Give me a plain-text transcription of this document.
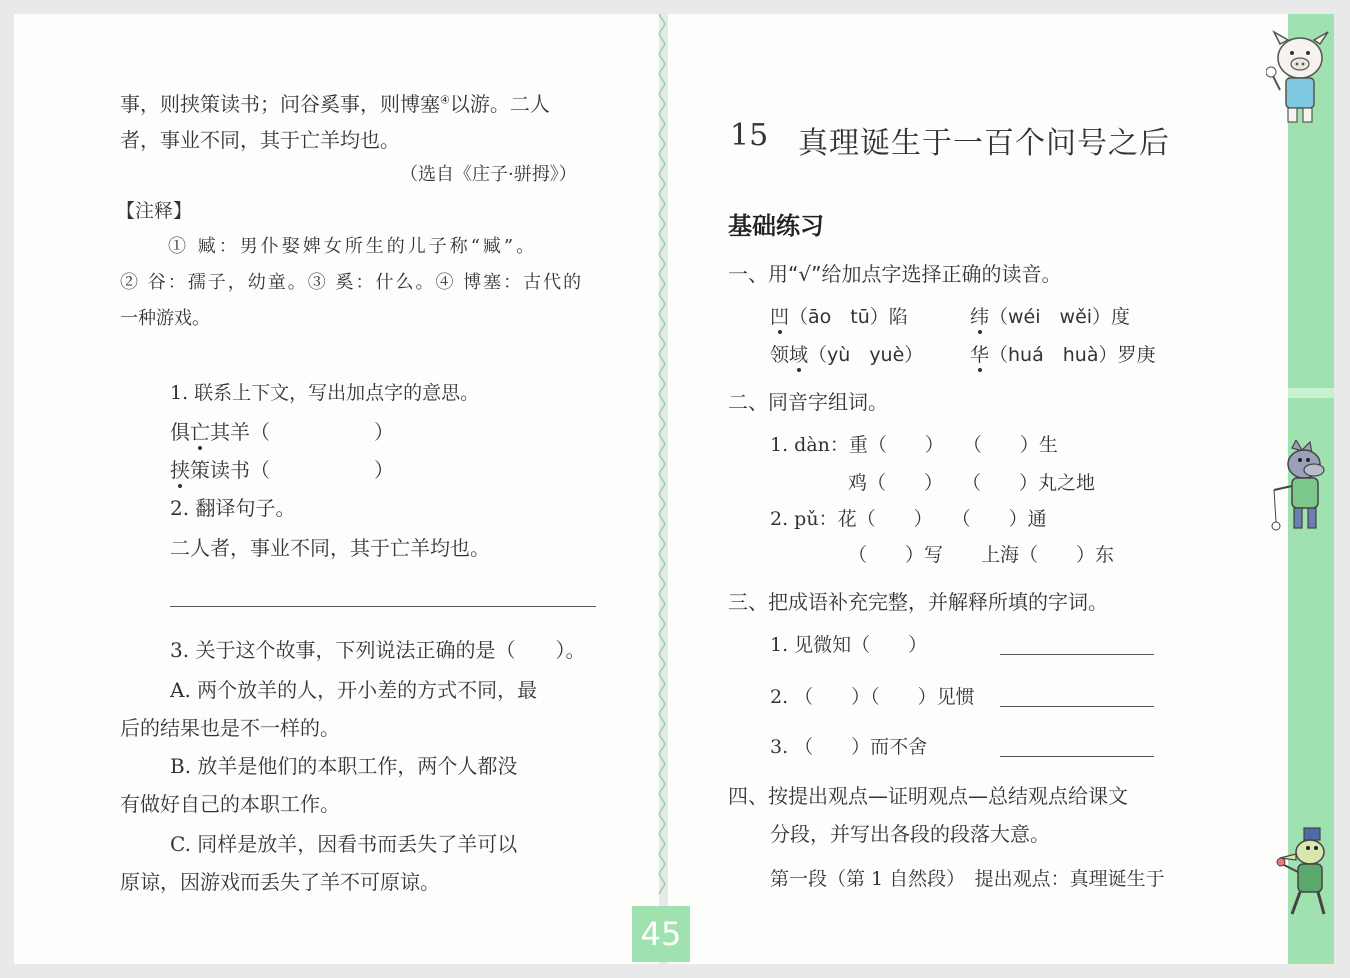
45
事，则挟策读书；问谷奚事，则博塞④以游。二人
者，事业不同，其于亡羊均也。
（选自《庄子·骈拇》）
【注释】
① 臧：男仆娶婢女所生的儿子称“臧”。
② 谷：孺子，幼童。③ 奚：什么。④ 博塞：古代的
一种游戏。
1. 联系上下文，写出加点字的意思。
俱亡其羊（	）
挟策读书（	）
2. 翻译句子。
二人者，事业不同，其于亡羊均也。
3. 关于这个故事，下列说法正确的是（　　）。
A. 两个放羊的人，开小差的方式不同，最
后的结果也是不一样的。
B. 放羊是他们的本职工作，两个人都没
有做好自己的本职工作。
C. 同样是放羊，因看书而丢失了羊可以
原谅，因游戏而丢失了羊不可原谅。
15 真理诞生于一百个问号之后
基础练习
一、用“√”给加点字选择正确的读音。
凹（āo　tū）陷	纬（wéi　wěi）度
领域（yù　yuè） 华（huá　huà）罗庚
二、同音字组词。
1. dàn：重（　　）　　（　　）生
鸡（　　）　　（　　）丸之地
2. pǔ：花（　　）　　（　　）通
（　　）写　　上海（　　）东
三、把成语补充完整，并解释所填的字词。
1. 见微知（　　）
2. （　　）（　　）见惯
3. （　　）而不舍
四、按提出观点—证明观点—总结观点给课文
分段，并写出各段的段落大意。
第一段（第 1 自然段）　提出观点：真理诞生于
